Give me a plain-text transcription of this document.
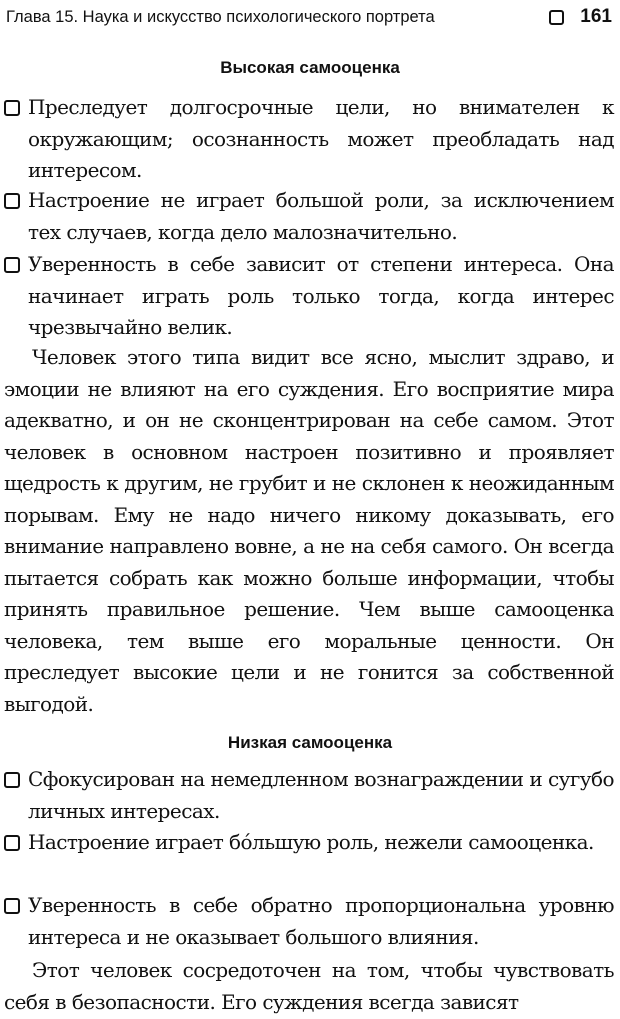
Глава 15. Наука и искусство психологического портрета	161
Высокая самооценка

Преследует долгосрочные цели, но внимателен к окружающим; осознанность может преобладать над интересом.

Настроение не играет большой роли, за исключением тех случаев, когда дело малозначительно.

Уверенность в себе зависит от степени интереса. Она начинает играть роль только тогда, когда интерес чрезвычайно велик.

Человек этого типа видит все ясно, мыслит здраво, и эмоции не влияют на его суждения. Его восприятие мира адекватно, и он не сконцентрирован на себе самом. Этот человек в основном настроен позитивно и проявляет щедрость к другим, не грубит и не склонен к неожиданным порывам. Ему не надо ничего никому доказывать, его внимание направлено вовне, а не на себя самого. Он всегда пытается собрать как можно больше информации, чтобы принять правильное решение. Чем выше самооценка человека, тем выше его моральные ценности. Он преследует высокие цели и не гонится за собственной выгодой.

Низкая самооценка

Сфокусирован на немедленном вознаграждении и сугубо личных интересах.

Настроение играет бóльшую роль, нежели самооценка.

Уверенность в себе обратно пропорциональна уровню интереса и не оказывает большого влияния.

Этот человек сосредоточен на том, чтобы чувствовать себя в безопасности. Его суждения всегда зависят
